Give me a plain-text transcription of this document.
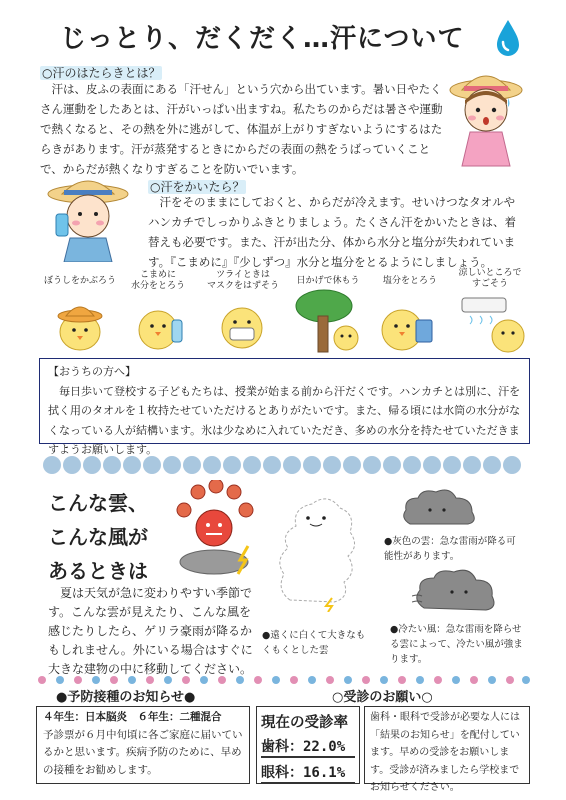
じっとり、だくだく…汗について
○汗のはたらきとは？
汗は、皮ふの表面にある「汗せん」という穴から出ています。暑い日やたくさん運動をしたあとは、汗がいっぱい出ますね。私たちのからだは暑さや運動で熱くなると、その熱を外に逃がして、体温が上がりすぎないようにするはたらきがあります。汗が蒸発するときにからだの表面の熱をうばっていくことで、からだが熱くなりすぎることを防いでいます。
○汗をかいたら？
汗をそのままにしておくと、からだが冷えます。せいけつなタオルやハンカチでしっかりふきとりましょう。たくさん汗をかいたときは、着替えも必要です。また、汗が出た分、体から水分と塩分が失われています。『こまめに』『少しずつ』水分と塩分をとるようにしましょう。
ぼうしをかぶろう
こまめに
水分をとろう
ツライときは
マスクをはずそう	日かげで休もう	塩分をとろう
涼しいところで
すごそう
【おうちの方へ】
毎日歩いて登校する子どもたちは、授業が始まる前から汗だくです。ハンカチとは別に、汗を拭く用のタオルを１枚持たせていただけるとありがたいです。また、帰る頃には水筒の水分がなくなっている人が結構います。氷は少なめに入れていただき、多めの水分を持たせていただきますようお願いします。
こんな雲、
こんな風が
あるときは
夏は天気が急に変わりやすい季節です。こんな雲が見えたり、こんな風を感じたりしたら、ゲリラ豪雨が降るかもしれません。外にいる場合はすぐに大きな建物の中に移動してください。
●遠くに白くて大きなもくもくとした雲
●灰色の雲：急な雷雨が降る可能性があります。
●冷たい風：急な雷雨を降らせる雲によって、冷たい風が強まります。
●予防接種のお知らせ●
４年生：日本脳炎　６年生：二種混合
予診票が６月中旬頃に各ご家庭に届いているかと思います。疾病予防のために、早めの接種をお勧めします。
○受診のお願い○
現在の受診率
歯科：22.0%
眼科：16.1%
歯科・眼科で受診が必要な人には「結果のお知らせ」を配付しています。早めの受診をお願いします。受診が済みましたら学校までお知らせください。
